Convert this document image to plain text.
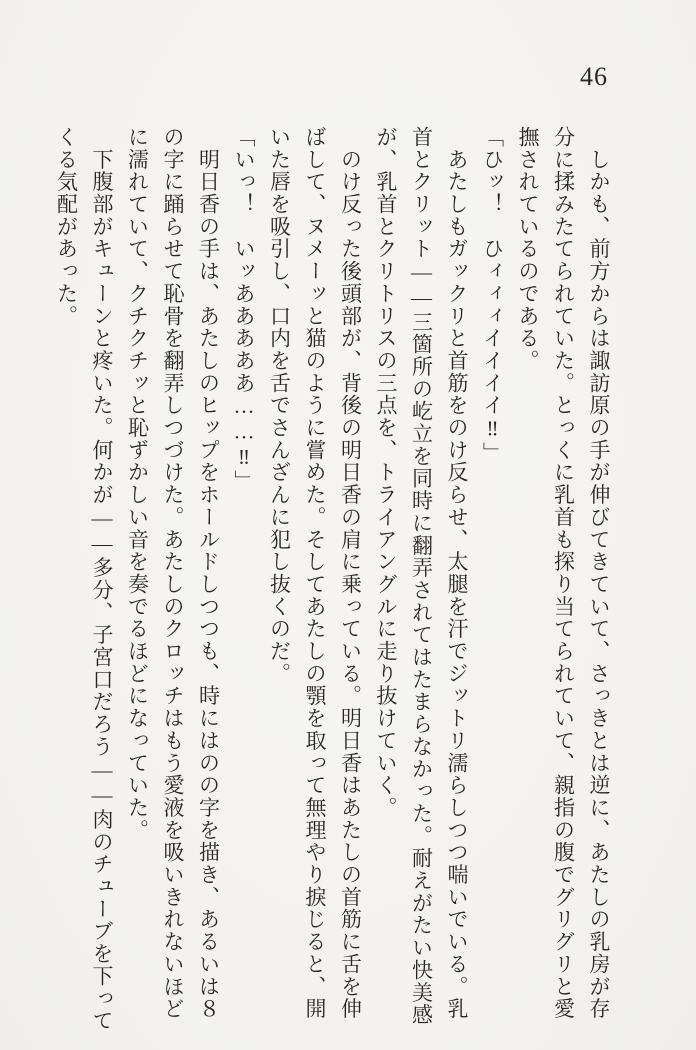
46
　しかも、前方からは諏訪原の手が伸びてきていて、さっきとは逆に、あたしの乳房が存
分に揉みたてられていた。とっくに乳首も探り当てられていて、親指の腹でグリグリと愛
撫されているのである。
「ひッ！　ひィィィイイイイ‼」
　あたしもガックリと首筋をのけ反らせ、太腿を汗でジットリ濡らしつつ喘いでいる。乳
首とクリット――三箇所の屹立を同時に翻弄されてはたまらなかった。耐えがたい快美感
が、乳首とクリトリスの三点を、トライアングルに走り抜けていく。
　のけ反った後頭部が、背後の明日香の肩に乗っている。明日香はあたしの首筋に舌を伸
ばして、ヌメーッと猫のように嘗めた。そしてあたしの顎を取って無理やり捩じると、開
いた唇を吸引し、口内を舌でさんざんに犯し抜くのだ。
「いっ！　いッあああああ……‼」
　明日香の手は、あたしのヒップをホールドしつつも、時にはのの字を描き、あるいは８
の字に踊らせて恥骨を翻弄しつづけた。あたしのクロッチはもう愛液を吸いきれないほど
に濡れていて、クチクチッと恥ずかしい音を奏でるほどになっていた。
　下腹部がキューンと疼いた。何かが――多分、子宮口だろう――肉のチューブを下って
くる気配があった。
